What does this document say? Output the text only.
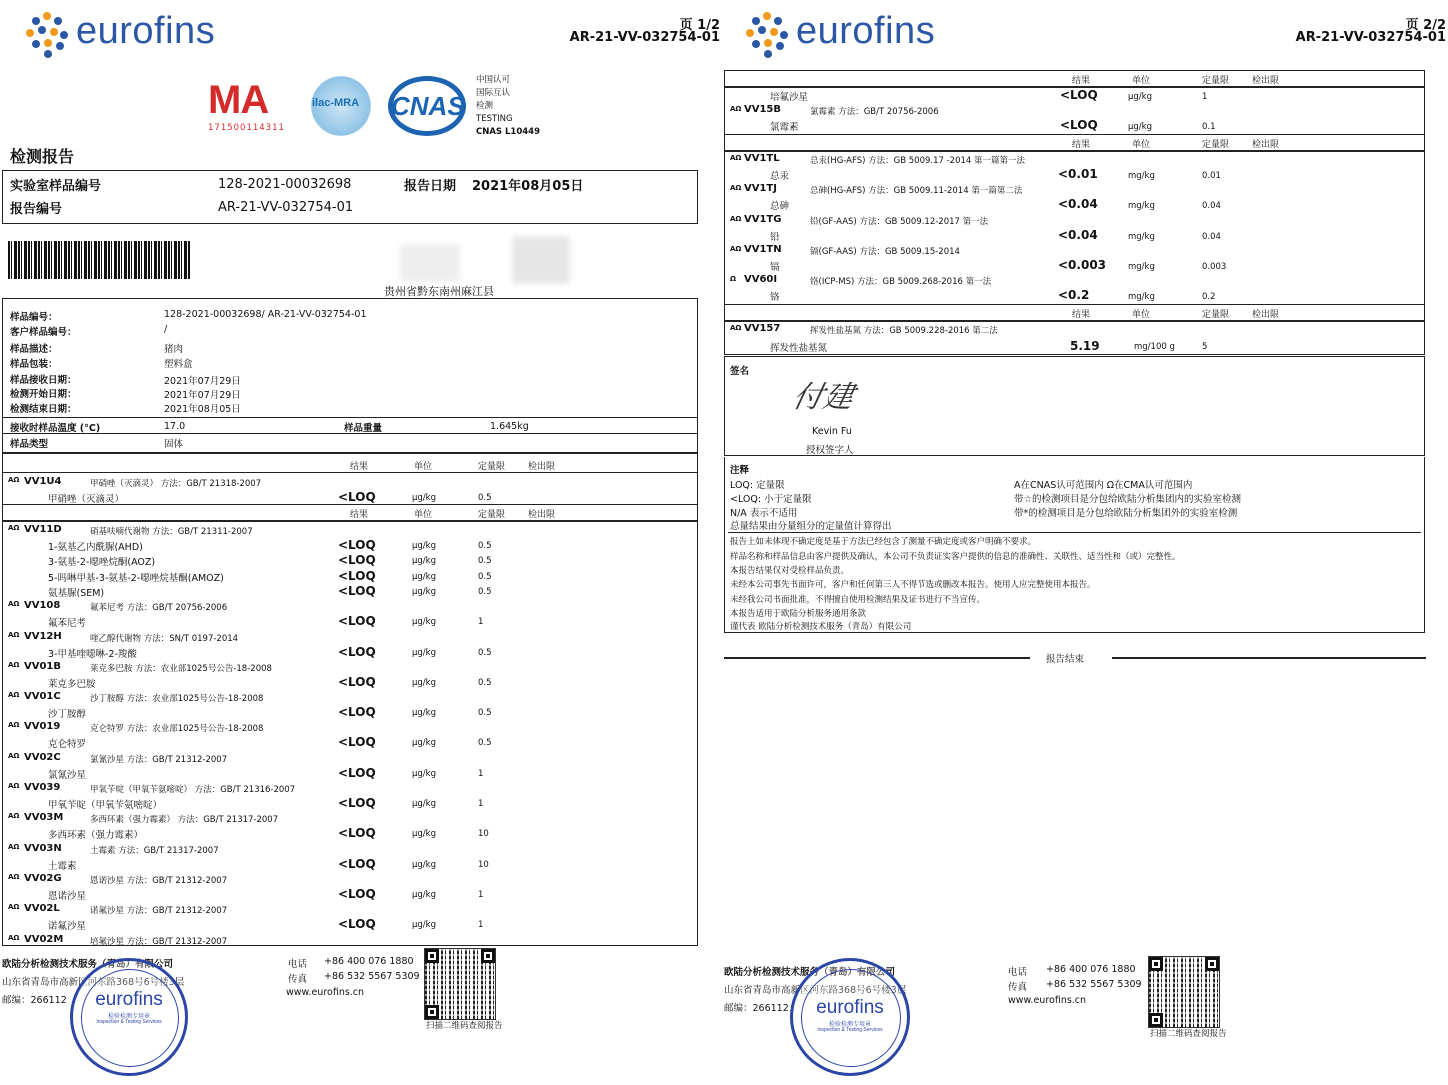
eurofins	页 1/2
AR-21-VV-032754-01
MA
171500114311
ilac-MRA CNAS
中国认可
国际互认
检测
TESTING
CNAS L10449
检测报告
实验室样品编号	128-2021-00032698	报告日期 2021年08月05日
报告编号	AR-21-VV-032754-01
贵州省黔东南州麻江县
样品编号：	128-2021-00032698/ AR-21-VV-032754-01
客户样品编号：	/
样品描述：	猪肉
样品包装：	塑料盒
样品接收日期：	2021年07月29日
检测开始日期：	2021年07月29日
检测结束日期：	2021年08月05日
接收时样品温度 (°C)	17.0	样品重量	1.645kg
样品类型	固体
结果	单位	定量限	检出限
AΩ VV1U4	甲硝唑（灭滴灵） 方法：GB/T 21318-2007
甲硝唑（灭滴灵）	<LOQ	μg/kg	0.5
结果	单位	定量限	检出限
AΩ VV11D	硝基呋喃代谢物 方法：GB/T 21311-2007
1-氨基乙内酰脲(AHD)	<LOQ	μg/kg	0.5
3-氨基-2-噁唑烷酮(AOZ)	<LOQ	μg/kg	0.5
5-吗啉甲基-3-氨基-2-噁唑烷基酮(AMOZ)	<LOQ	μg/kg	0.5
氨基脲(SEM)	<LOQ	μg/kg	0.5
AΩ VV108	氟苯尼考 方法：GB/T 20756-2006
氟苯尼考	<LOQ	μg/kg	1
AΩ VV12H	喹乙醇代谢物 方法：SN/T 0197-2014
3-甲基喹噁啉-2-羧酸	<LOQ	μg/kg	0.5
AΩ VV01B	莱克多巴胺 方法：农业部1025号公告-18-2008
莱克多巴胺	<LOQ	μg/kg	0.5
AΩ VV01C	沙丁胺醇 方法：农业部1025号公告-18-2008
沙丁胺醇	<LOQ	μg/kg	0.5
AΩ VV019	克仑特罗 方法：农业部1025号公告-18-2008
克仑特罗	<LOQ	μg/kg	0.5
AΩ VV02C	氯氰沙星 方法：GB/T 21312-2007
氯氰沙星	<LOQ	μg/kg	1
AΩ VV039	甲氧苄啶（甲氧苄氨嘧啶） 方法：GB/T 21316-2007
甲氧苄啶（甲氧苄氨嘧啶）	<LOQ	μg/kg	1
AΩ VV03M	多西环素（强力霉素） 方法：GB/T 21317-2007
多西环素（强力霉素）	<LOQ	μg/kg	10
AΩ VV03N	土霉素 方法：GB/T 21317-2007
土霉素	<LOQ	μg/kg	10
AΩ VV02G	恩诺沙星 方法：GB/T 21312-2007
恩诺沙星	<LOQ	μg/kg	1
AΩ VV02L	诺氟沙星 方法：GB/T 21312-2007
诺氟沙星	<LOQ	μg/kg	1
AΩ VV02M	培氟沙星 方法：GB/T 21312-2007
欧陆分析检测技术服务（青岛）有限公司
山东省青岛市高新区河东路368号6号楼3层
邮编：266112
电话 +86 400 076 1880
传真 +86 532 5567 5309
www.eurofins.cn
扫描二维码查阅报告
eurofins
检验检测专用章
Inspection & Testing Services
eurofins	页 2/2
AR-21-VV-032754-01
结果	单位	定量限	检出限
培氟沙星	<LOQ	μg/kg	1
AΩ VV15B	氯霉素 方法：GB/T 20756-2006
氯霉素	<LOQ	μg/kg	0.1
结果	单位	定量限	检出限
AΩ VV1TL	总汞(HG-AFS) 方法：GB 5009.17 -2014 第一篇第一法
总汞	<0.01	mg/kg	0.01
AΩ VV1TJ	总砷(HG-AFS) 方法：GB 5009.11-2014 第一篇第二法
总砷	<0.04	mg/kg	0.04
AΩ VV1TG	铅(GF-AAS) 方法：GB 5009.12-2017 第一法
铅	<0.04	mg/kg	0.04
AΩ VV1TN	镉(GF-AAS) 方法：GB 5009.15-2014
镉	<0.003	mg/kg	0.003
Ω VV60I	铬(ICP-MS) 方法：GB 5009.268-2016 第一法
铬	<0.2	mg/kg	0.2
结果	单位	定量限	检出限
AΩ VV157	挥发性盐基氮 方法：GB 5009.228-2016 第二法
挥发性盐基氮	5.19	mg/100 g	5
签名
付建
Kevin Fu
授权签字人
注释
LOQ: 定量限
<LOQ: 小于定量限
N/A 表示不适用
总量结果由分量组分的定量值计算得出
A在CNAS认可范围内 Ω在CMA认可范围内
带☆的检测项目是分包给欧陆分析集团内的实验室检测
带*的检测项目是分包给欧陆分析集团外的实验室检测
报告上如未体现不确定度是基于方法已经包含了测量不确定度或客户明确不要求。
样品名称和样品信息由客户提供及确认，本公司不负责证实客户提供的信息的准确性、关联性、适当性和（或）完整性。
本报告结果仅对受检样品负责。
未经本公司事先书面许可，客户和任何第三人不得节选或删改本报告。使用人应完整使用本报告。
未经我公司书面批准，不得擅自使用检测结果及证书进行不当宣传。
本报告适用于欧陆分析服务通用条款
谨代表 欧陆分析检测技术服务（青岛）有限公司
报告结束
欧陆分析检测技术服务（青岛）有限公司
山东省青岛市高新区河东路368号6号楼3层
邮编：266112
电话 +86 400 076 1880
传真 +86 532 5567 5309
www.eurofins.cn
扫描二维码查阅报告
eurofins
检验检测专用章
Inspection & Testing Services
